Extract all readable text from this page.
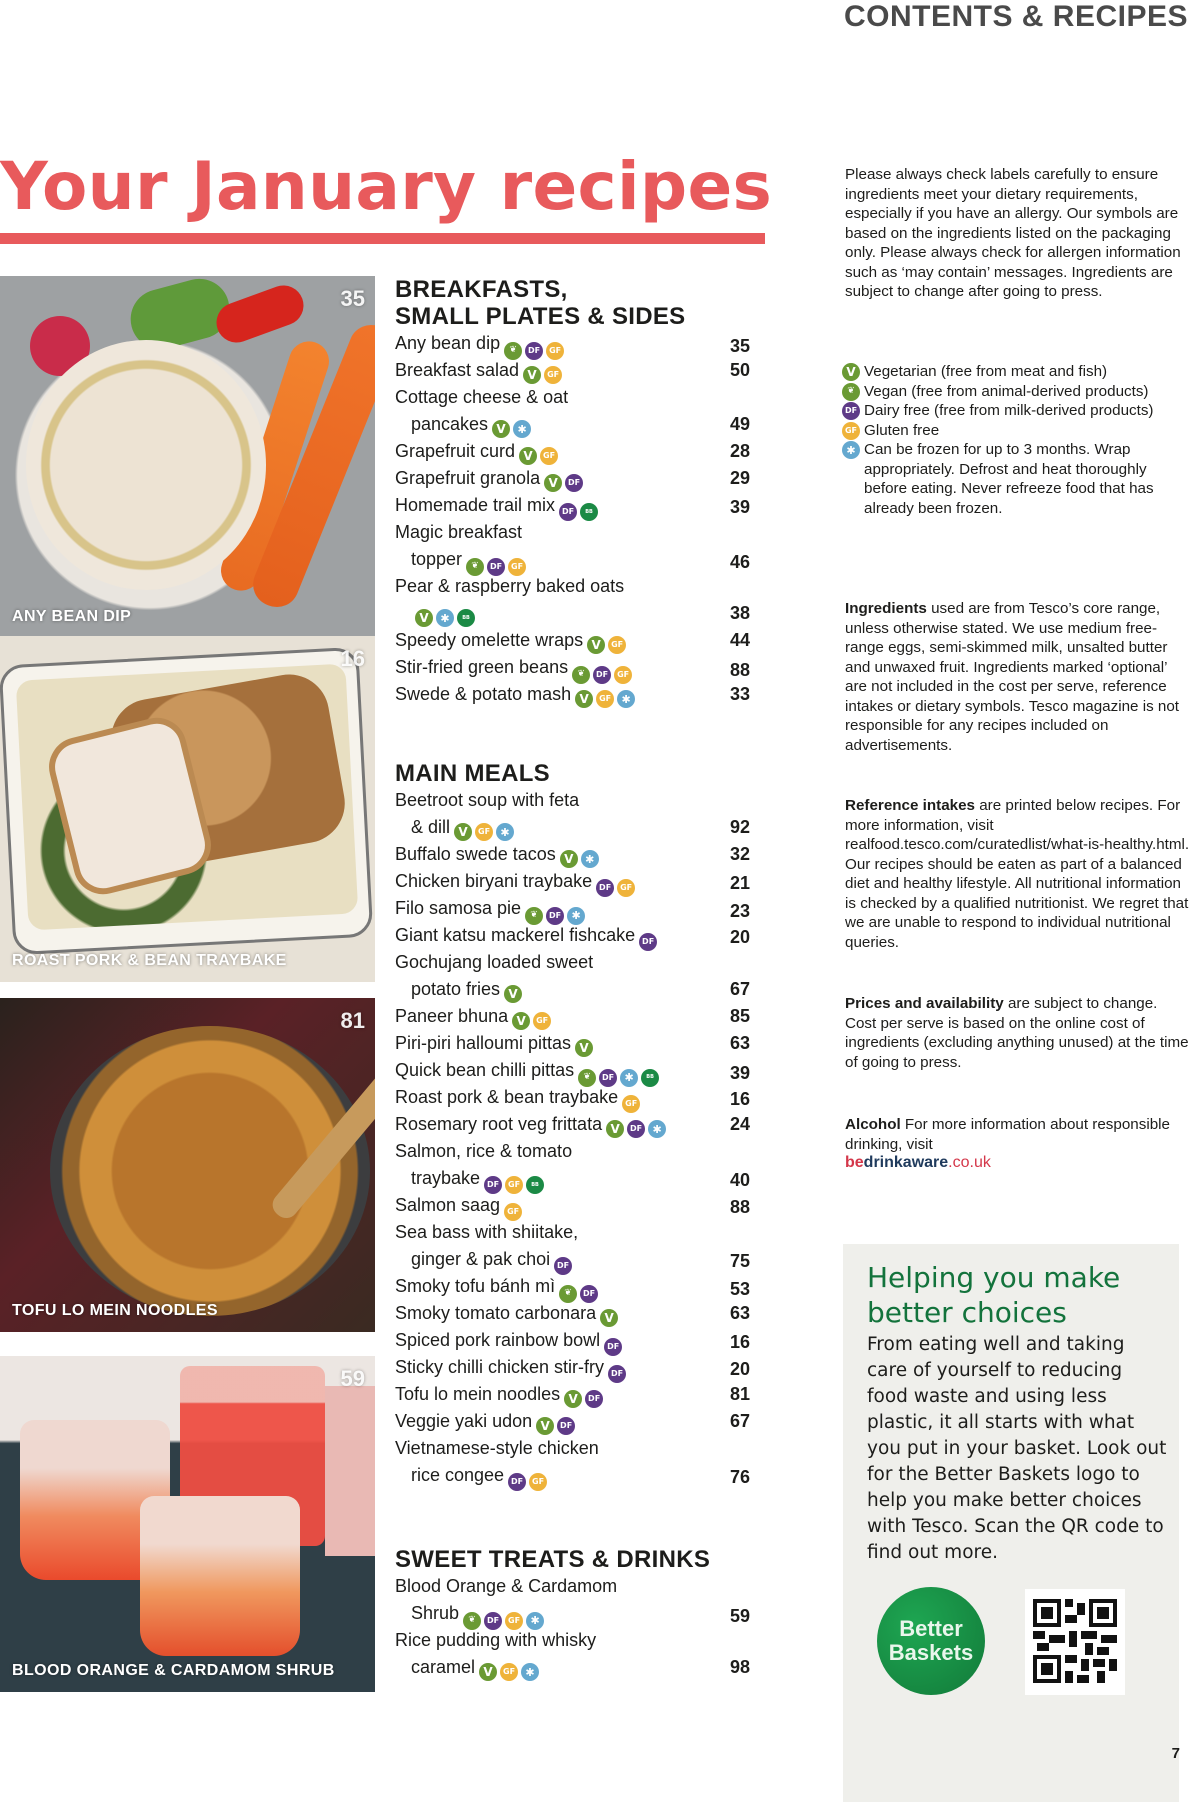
CONTENTS & RECIPES
Your January recipes
35
ANY BEAN DIP
16
ROAST PORK & BEAN TRAYBAKE
81
TOFU LO MEIN NOODLES
59
BLOOD ORANGE & CARDAMOM SHRUB
BREAKFASTS,
SMALL PLATES & SIDES
Any bean dip	❦	DF	GF	35
Breakfast salad V	GF	50
Cottage cheese & oat
pancakes V	✱	49
Grapefruit curd V	GF	28
Grapefruit granola V	DF	29
Homemade trail mix DF	BB	39
Magic breakfast
topper	❦	DF	GF	46
Pear & raspberry baked oats

V	✱	BB	38
Speedy omelette wraps V	GF	44
Stir-fried green beans	❦	DF	GF	88
Swede & potato mash V	GF ✱	33
MAIN MEALS
Beetroot soup with feta
& dill V	GF ✱	92
Buffalo swede tacos V	✱	32
Chicken biryani traybake DF	GF	21
Filo samosa pie	❦	DF ✱	23
Giant katsu mackerel fishcake DF	20
Gochujang loaded sweet
potato fries V	67
Paneer bhuna V	GF	85
Piri-piri halloumi pittas V	63
Quick bean chilli pittas	❦	DF ✱	BB	39
Roast pork & bean traybake GF	16
Rosemary root veg frittata V	DF ✱	24
Salmon, rice & tomato
traybake DF	GF	BB	40
Salmon saag GF	88
Sea bass with shiitake,
ginger & pak choi DF	75
Smoky tofu bánh mì	❦	DF	53
Smoky tomato carbonara V	63
Spiced pork rainbow bowl DF	16
Sticky chilli chicken stir-fry DF	20
Tofu lo mein noodles V	DF	81
Veggie yaki udon V	DF	67
Vietnamese-style chicken
rice congee DF	GF	76
SWEET TREATS & DRINKS
Blood Orange & Cardamom
Shrub	❦	DF	GF ✱	59
Rice pudding with whisky
caramel V	GF ✱	98

Please always check labels carefully to ensure ingredients meet your dietary requirements, especially if you have an allergy. Our symbols are based on the ingredients listed on the packaging only. Please always check for allergen information such as ‘may contain’ messages. Ingredients are subject to change after going to press.

V Vegetarian (free from meat and fish)
❦ Vegan (free from animal-derived products)
DF Dairy free (free from milk-derived products)
GF Gluten free
✱ Can be frozen for up to 3 months. Wrap appropriately. Defrost and heat thoroughly before eating. Never refreeze food that has already been frozen.

Ingredients used are from Tesco’s core range, unless otherwise stated. We use medium free-range eggs, semi-skimmed milk, unsalted butter and unwaxed fruit. Ingredients marked ‘optional’ are not included in the cost per serve, reference intakes or dietary symbols. Tesco magazine is not responsible for any recipes included on advertisements.

Reference intakes are printed below recipes. For more information, visit realfood.tesco.com/curatedlist/what-is-healthy.html. Our recipes should be eaten as part of a balanced diet and healthy lifestyle. All nutritional information is checked by a qualified nutritionist. We regret that we are unable to respond to individual nutritional queries.

Prices and availability are subject to change. Cost per serve is based on the online cost of ingredients (excluding anything unused) at the time of going to press.

Alcohol For more information about responsible drinking, visit

bedrinkaware.co.uk
Helping you make better choices
From eating well and taking care of yourself to reducing food waste and using less plastic, it all starts with what you put in your basket. Look out for the Better Baskets logo to help you make better choices with Tesco. Scan the QR code to find out more.
Better
Baskets
7
